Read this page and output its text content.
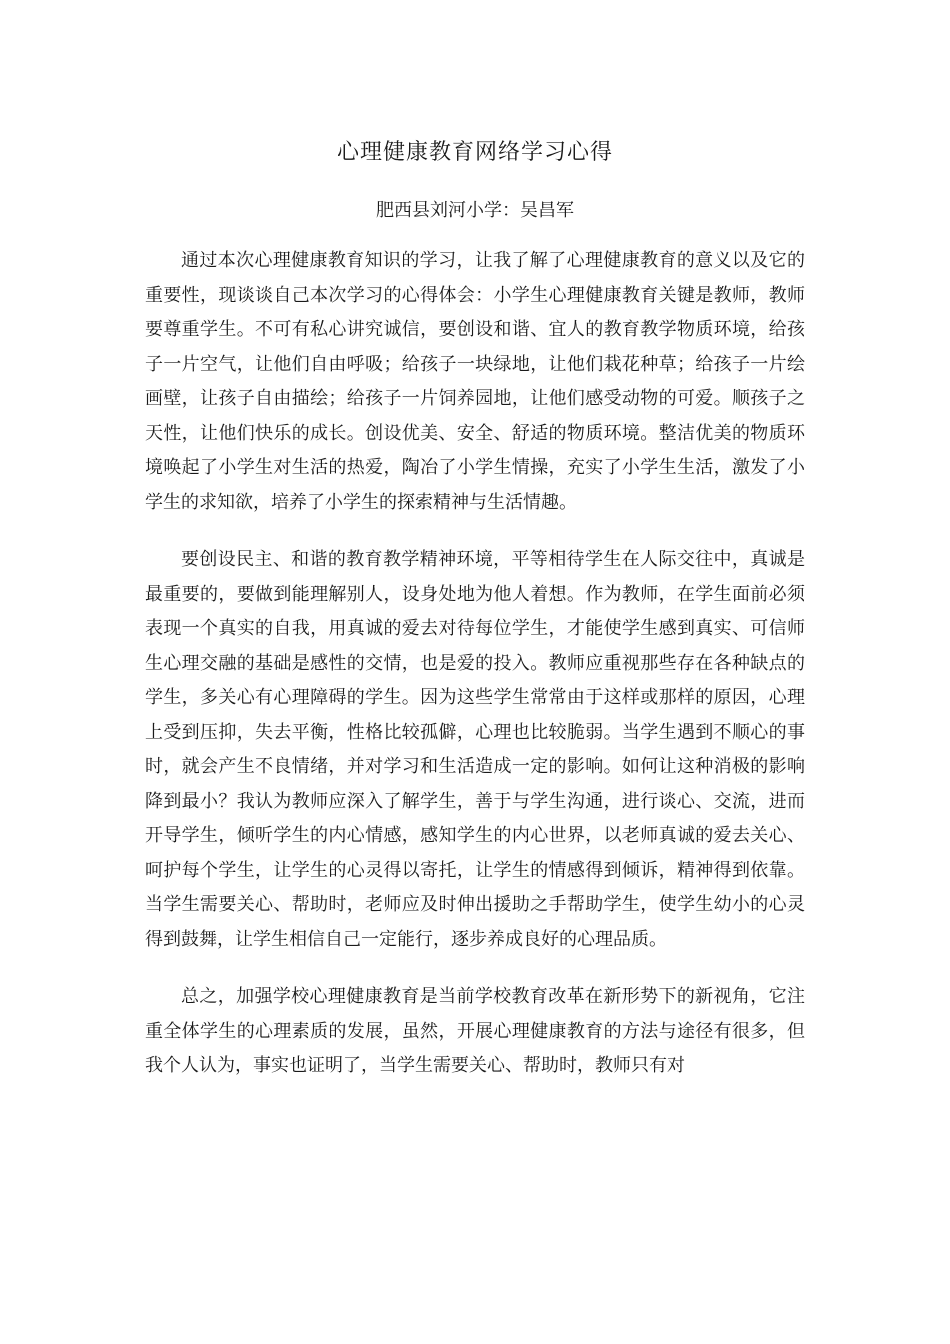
心理健康教育网络学习心得
肥西县刘河小学：吴昌军

通过本次心理健康教育知识的学习，让我了解了心理健康教育的意义以及它的重要性，现谈谈自己本次学习的心得体会：小学生心理健康教育关键是教师，教师要尊重学生。不可有私心讲究诚信，要创设和谐、宜人的教育教学物质环境，给孩子一片空气，让他们自由呼吸；给孩子一块绿地，让他们栽花种草；给孩子一片绘画壁，让孩子自由描绘；给孩子一片饲养园地，让他们感受动物的可爱。顺孩子之天性，让他们快乐的成长。创设优美、安全、舒适的物质环境。整洁优美的物质环境唤起了小学生对生活的热爱，陶冶了小学生情操，充实了小学生生活，激发了小学生的求知欲，培养了小学生的探索精神与生活情趣。

要创设民主、和谐的教育教学精神环境，平等相待学生在人际交往中，真诚是最重要的，要做到能理解别人，设身处地为他人着想。作为教师，在学生面前必须表现一个真实的自我，用真诚的爱去对待每位学生，才能使学生感到真实、可信师生心理交融的基础是感性的交情，也是爱的投入。教师应重视那些存在各种缺点的学生，多关心有心理障碍的学生。因为这些学生常常由于这样或那样的原因，心理上受到压抑，失去平衡，性格比较孤僻，心理也比较脆弱。当学生遇到不顺心的事时，就会产生不良情绪，并对学习和生活造成一定的影响。如何让这种消极的影响降到最小？我认为教师应深入了解学生，善于与学生沟通，进行谈心、交流，进而开导学生，倾听学生的内心情感，感知学生的内心世界，以老师真诚的爱去关心、呵护每个学生，让学生的心灵得以寄托，让学生的情感得到倾诉，精神得到依靠。当学生需要关心、帮助时，老师应及时伸出援助之手帮助学生，使学生幼小的心灵得到鼓舞，让学生相信自己一定能行，逐步养成良好的心理品质。

总之，加强学校心理健康教育是当前学校教育改革在新形势下的新视角，它注重全体学生的心理素质的发展，虽然，开展心理健康教育的方法与途径有很多，但我个人认为，事实也证明了，当学生需要关心、帮助时，教师只有对
